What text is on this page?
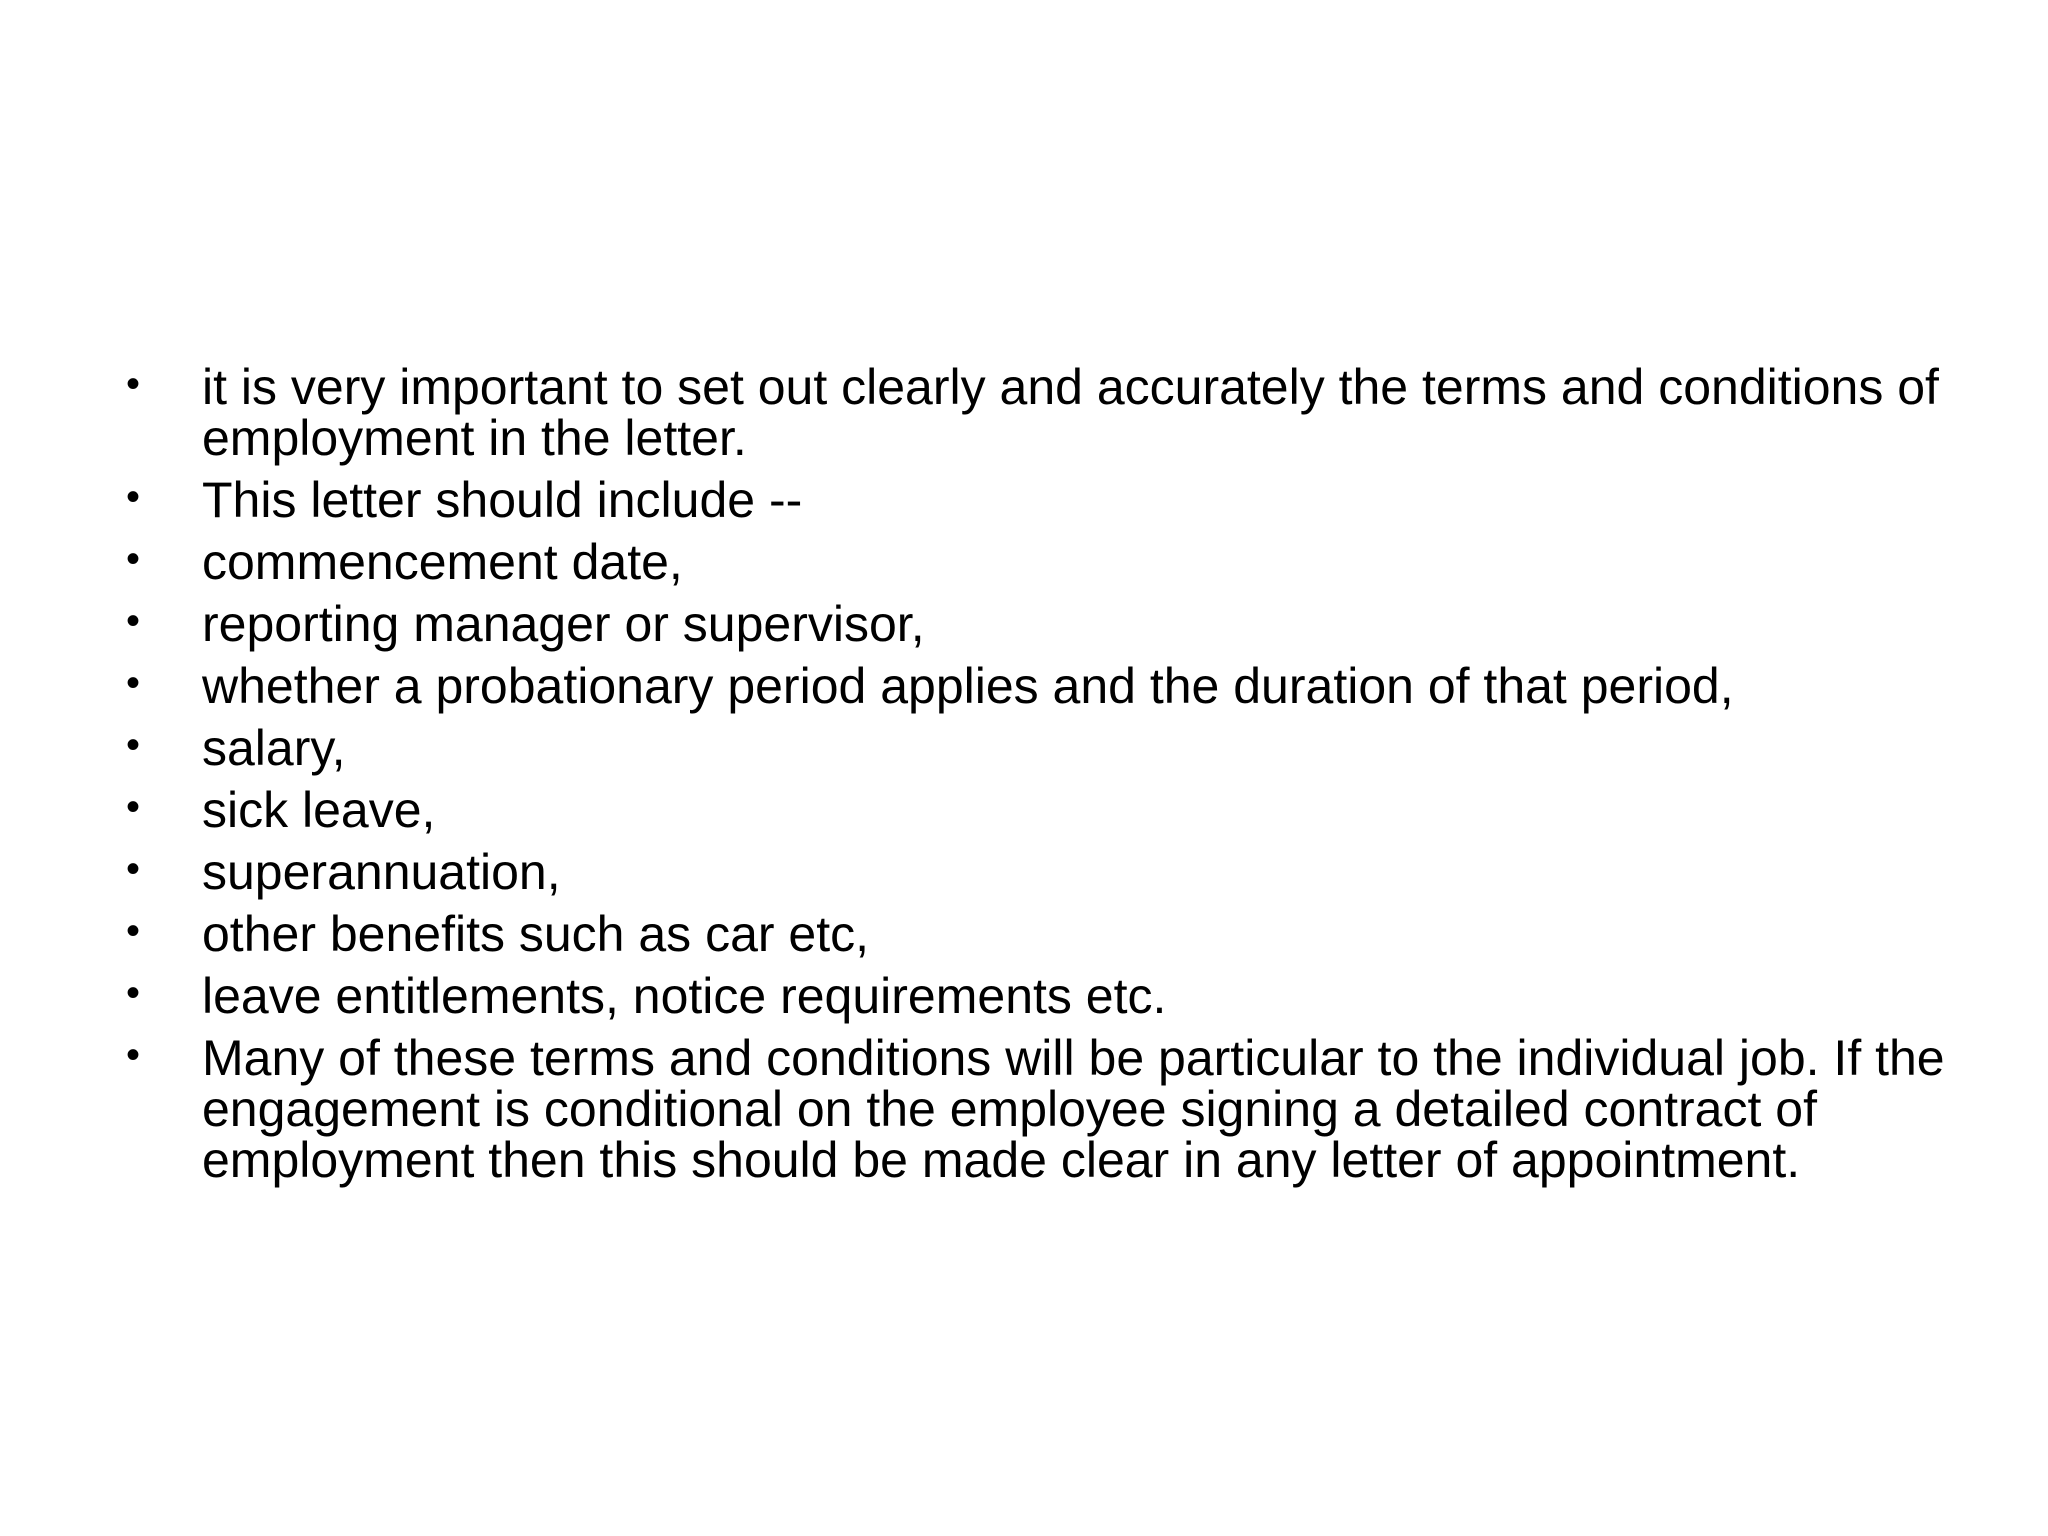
• it is very important to set out clearly and accurately the terms and conditions of employment in the letter.
• This letter should include --
• commencement date,
• reporting manager or supervisor,
• whether a probationary period applies and the duration of that period,
• salary,
• sick leave,
• superannuation,
• other benefits such as car etc,
• leave entitlements, notice requirements etc.
• Many of these terms and conditions will be particular to the individual job. If the engagement is conditional on the employee signing a detailed contract of employment then this should be made clear in any letter of appointment.
